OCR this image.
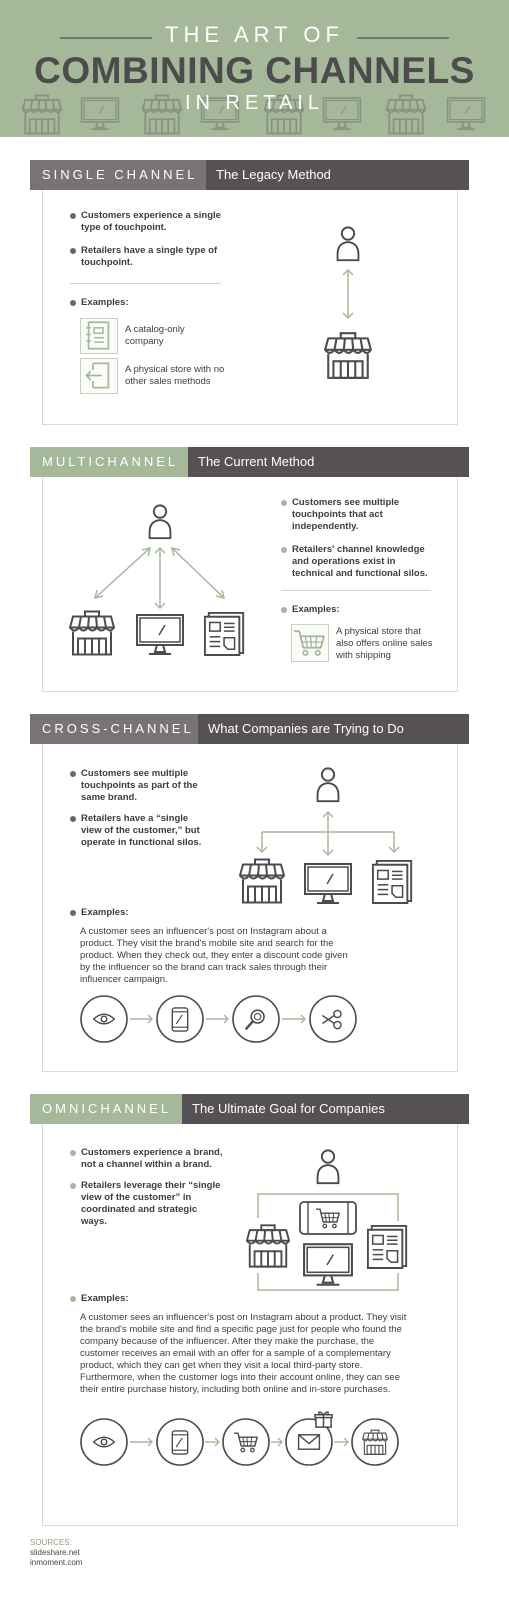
THE ART OF
COMBINING CHANNELS
IN RETAIL
SINGLE CHANNEL	The Legacy Method
Customers experience a single type of touchpoint.
Retailers have a single type of touchpoint.
Examples:
A catalog-only company
A physical store with no other sales methods
MULTICHANNEL	The Current Method
Customers see multiple touchpoints that act independently.
Retailers' channel knowledge and operations exist in technical and functional silos.
Examples:
A physical store that also offers online sales with shipping
CROSS-CHANNEL	What Companies are Trying to Do
Customers see multiple touchpoints as part of the same brand.
Retailers have a “single view of the customer,” but operate in functional silos.
Examples:
A customer sees an influencer's post on Instagram about a product. They visit the brand's mobile site and search for the product. When they check out, they enter a discount code given by the influencer so the brand can track sales through their influencer campaign.
OMNICHANNEL	The Ultimate Goal for Companies
Customers experience a brand, not a channel within a brand.
Retailers leverage their “single view of the customer” in coordinated and strategic ways.
Examples:
A customer sees an influencer's post on Instagram about a product. They visit the brand's mobile site and find a specific page just for people who found the company because of the influencer. After they make the purchase, the customer receives an email with an offer for a sample of a complementary product, which they can get when they visit a local third-party store. Furthermore, when the customer logs into their account online, they can see their entire purchase history, including both online and in-store purchases.
SOURCES:
slideshare.net
inmoment.com
